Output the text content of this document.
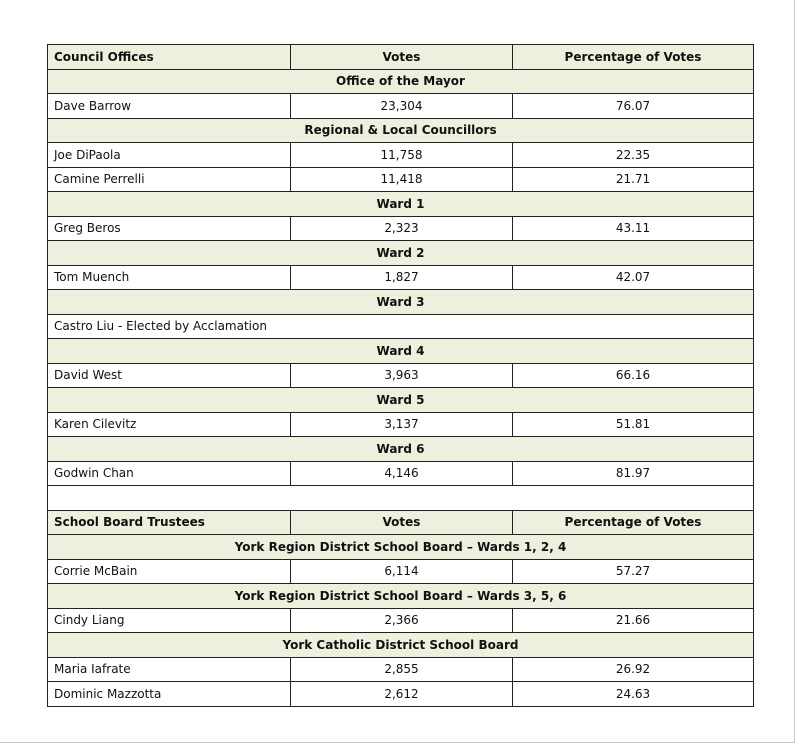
Council Offices	Votes	Percentage of Votes
Office of the Mayor		
Dave Barrow	23,304	76.07
Regional & Local Councillors		
Joe DiPaola	11,758	22.35
Camine Perrelli	11,418	21.71
Ward 1		
Greg Beros	2,323	43.11
Ward 2		
Tom Muench	1,827	42.07
Ward 3		
Castro Liu - Elected by Acclamation		
Ward 4		
David West	3,963	66.16
Ward 5		
Karen Cilevitz	3,137	51.81
Ward 6		
Godwin Chan	4,146	81.97

School Board Trustees	Votes	Percentage of Votes
York Region District School Board – Wards 1, 2, 4		
Corrie McBain	6,114	57.27
York Region District School Board – Wards 3, 5, 6		
Cindy Liang	2,366	21.66
York Catholic District School Board		
Maria Iafrate	2,855	26.92
Dominic Mazzotta	2,612	24.63
